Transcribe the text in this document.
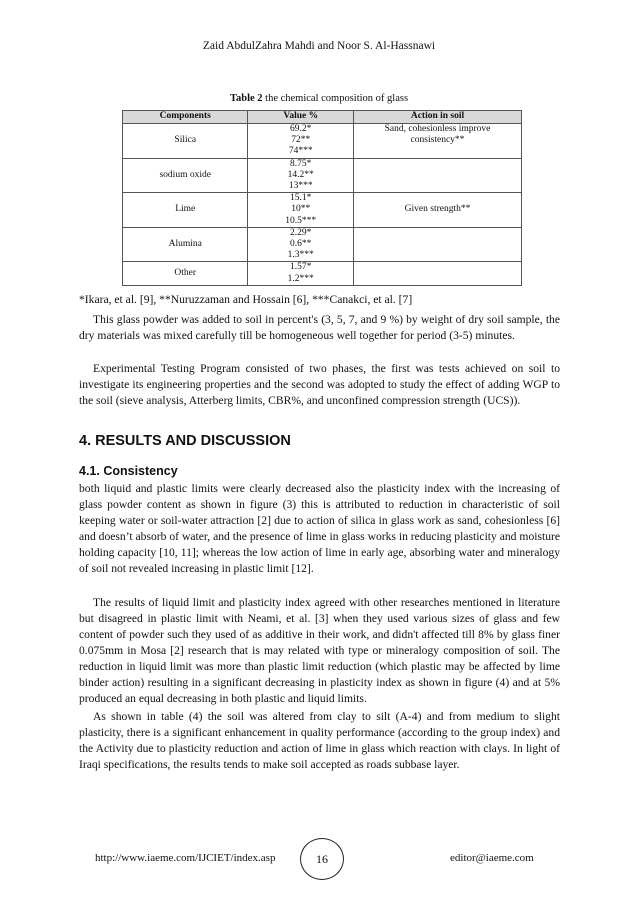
Zaid AbdulZahra Mahdi and Noor S. Al-Hassnawi
Table 2 the chemical composition of glass
Components	Value %	Action in soil
Silica	69.2*
72**
74***	Sand, cohesionless improve consistency**
sodium oxide	8.75*
14.2**
13***	

Lime	15.1*
10**
10.5***	Given strength**
Alumina	2.29*
0.6**
1.3***	

Other	1.57*
1.2***	

*Ikara, et al. [9], **Nuruzzaman and Hossain [6], ***Canakci, et al. [7]

This glass powder was added to soil in percent's (3, 5, 7, and 9 %) by weight of dry soil sample, the dry materials was mixed carefully till be homogeneous well together for period (3-5) minutes.

Experimental Testing Program consisted of two phases, the first was tests achieved on soil to investigate its engineering properties and the second was adopted to study the effect of adding WGP to the soil (sieve analysis, Atterberg limits, CBR%, and unconfined compression strength (UCS)).

4. RESULTS AND DISCUSSION
4.1. Consistency

both liquid and plastic limits were clearly decreased also the plasticity index with the increasing of glass powder content as shown in figure (3) this is attributed to reduction in characteristic of soil keeping water or soil-water attraction [2] due to action of silica in glass work as sand, cohesionless [6] and doesn’t absorb of water, and the presence of lime in glass works in reducing plasticity and moisture holding capacity [10, 11]; whereas the low action of lime in early age, absorbing water and mineralogy of soil not revealed increasing in plastic limit [12].

The results of liquid limit and plasticity index agreed with other researches mentioned in literature but disagreed in plastic limit with Neami, et al. [3] when they used various sizes of glass and few content of powder such they used of as additive in their work, and didn't affected till 8% by glass finer 0.075mm in Mosa [2] research that is may related with type or mineralogy composition of soil. The reduction in liquid limit was more than plastic limit reduction (which plastic may be affected by lime binder action) resulting in a significant decreasing in plasticity index as shown in figure (4) and at 5% produced an equal decreasing in both plastic and liquid limits.

As shown in table (4) the soil was altered from clay to silt (A-4) and from medium to slight plasticity, there is a significant enhancement in quality performance (according to the group index) and the Activity due to plasticity reduction and action of lime in glass which reaction with clays. In light of Iraqi specifications, the results tends to make soil accepted as roads subbase layer.

http://www.iaeme.com/IJCIET/index.asp	16	editor@iaeme.com
